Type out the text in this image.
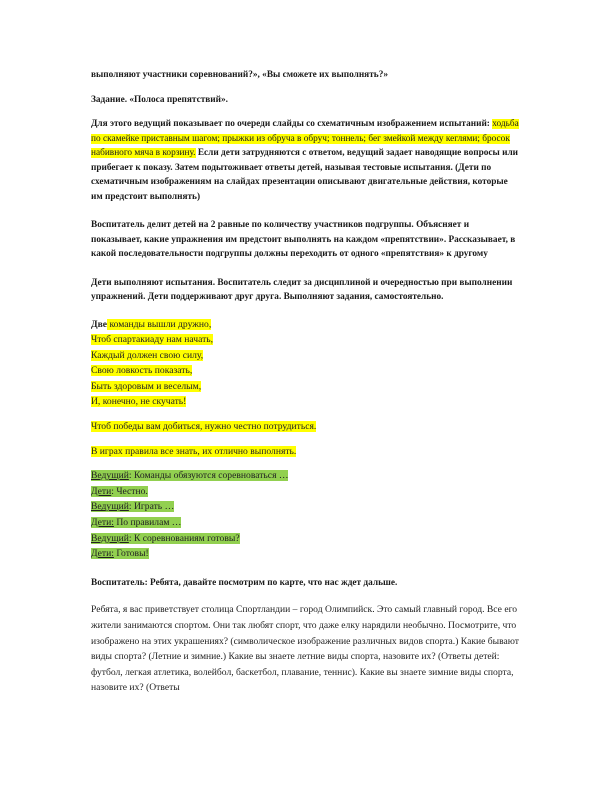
выполняют участники соревнований?», «Вы сможете их выполнять?»

Задание. «Полоса препятствий».

Для этого ведущий показывает по очереди слайды со схематичным изображением испытаний: ходьба по скамейке приставным шагом; прыжки из обруча в обруч; тоннель; бег змейкой между кеглями; бросок набивного мяча в корзину. Если дети затрудняются с ответом, ведущий задает наводящие вопросы или прибегает к показу. Затем подытоживает ответы детей, называя тестовые испытания. (Дети по схематичным изображениям на слайдах презентации описывают двигательные действия, которые им предстоит выполнять)

Воспитатель делит детей на 2 равные по количеству участников подгруппы. Объясняет и показывает, какие упражнения им предстоит выполнять на каждом «препятствии». Рассказывает, в какой последовательности подгруппы должны переходить от одного «препятствия» к другому

Дети выполняют испытания. Воспитатель следит за дисциплиной и очередностью при выполнении упражнений. Дети поддерживают друг друга. Выполняют задания, самостоятельно.

Две команды вышли дружно,
Чтоб спартакиаду нам начать,
Каждый должен свою силу,
Свою ловкость показать,
Быть здоровым и веселым,
И, конечно, не скучать!
Чтоб победы вам добиться, нужно честно потрудиться.
В играх правила все знать, их отлично выполнять.
Ведущий: Команды обязуются соревноваться …
Дети: Честно.
Ведущий: Играть …
Дети: По правилам …
Ведущий: К соревнованиям готовы?
Дети: Готовы!

Воспитатель: Ребята, давайте посмотрим по карте, что нас ждет дальше.

Ребята, я вас приветствует столица Спортландии – город Олимпийск. Это самый главный город. Все его жители занимаются спортом. Они так любят спорт, что даже елку нарядили необычно. Посмотрите, что изображено на этих украшениях? (символическое изображение различных видов спорта.) Какие бывают виды спорта? (Летние и зимние.) Какие вы знаете летние виды спорта, назовите их? (Ответы детей: футбол, легкая атлетика, волейбол, баскетбол, плавание, теннис). Какие вы знаете зимние виды спорта, назовите их? (Ответы
